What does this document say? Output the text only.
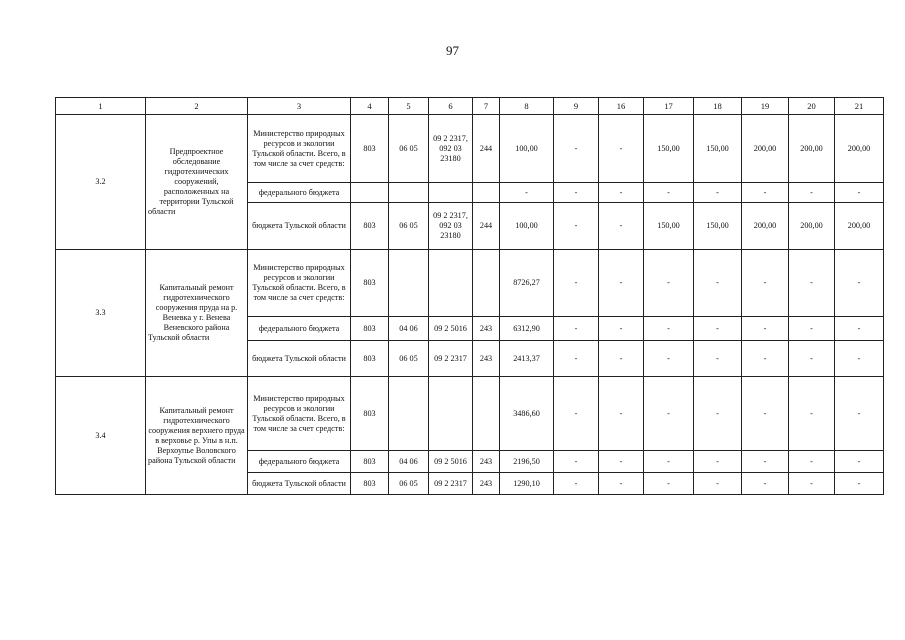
97
1	2	3	4	5	6	7	8	9	16	17	18	19	20	21
3.2	Предпроектное обследование гидротехнических сооружений, расположенных на территории Тульской области	Министерство природных ресурсов и экологии Тульской области. Всего, в том числе за счет средств:	803	06 05	09 2 2317, 092 03 23180	244	100,00	-	-	150,00	150,00	200,00	200,00	200,00
		федерального бюджета					-	-	-	-	-	-	-	-
		бюджета Тульской области	803	06 05	09 2 2317, 092 03 23180	244	100,00	-	-	150,00	150,00	200,00	200,00	200,00
3.3	Капитальный ремонт гидротехнического сооружения пруда на р. Веневка у г. Венева Веневского района Тульской области	Министерство природных ресурсов и экологии Тульской области. Всего, в том числе за счет средств:	803				8726,27	-	-	-	-	-	-	-
		федерального бюджета	803	04 06	09 2 5016	243	6312,90	-	-	-	-	-	-	-
		бюджета Тульской области	803	06 05	09 2 2317	243	2413,37	-	-	-	-	-	-	-
3.4	Капитальный ремонт гидротехнического сооружения верхнего пруда в верховье р. Упы в н.п. Верхоупье Воловского района Тульской области	Министерство природных ресурсов и экологии Тульской области. Всего, в том числе за счет средств:	803				3486,60	-	-	-	-	-	-	-
		федерального бюджета	803	04 06	09 2 5016	243	2196,50	-	-	-	-	-	-	-
		бюджета Тульской области	803	06 05	09 2 2317	243	1290,10	-	-	-	-	-	-	-
